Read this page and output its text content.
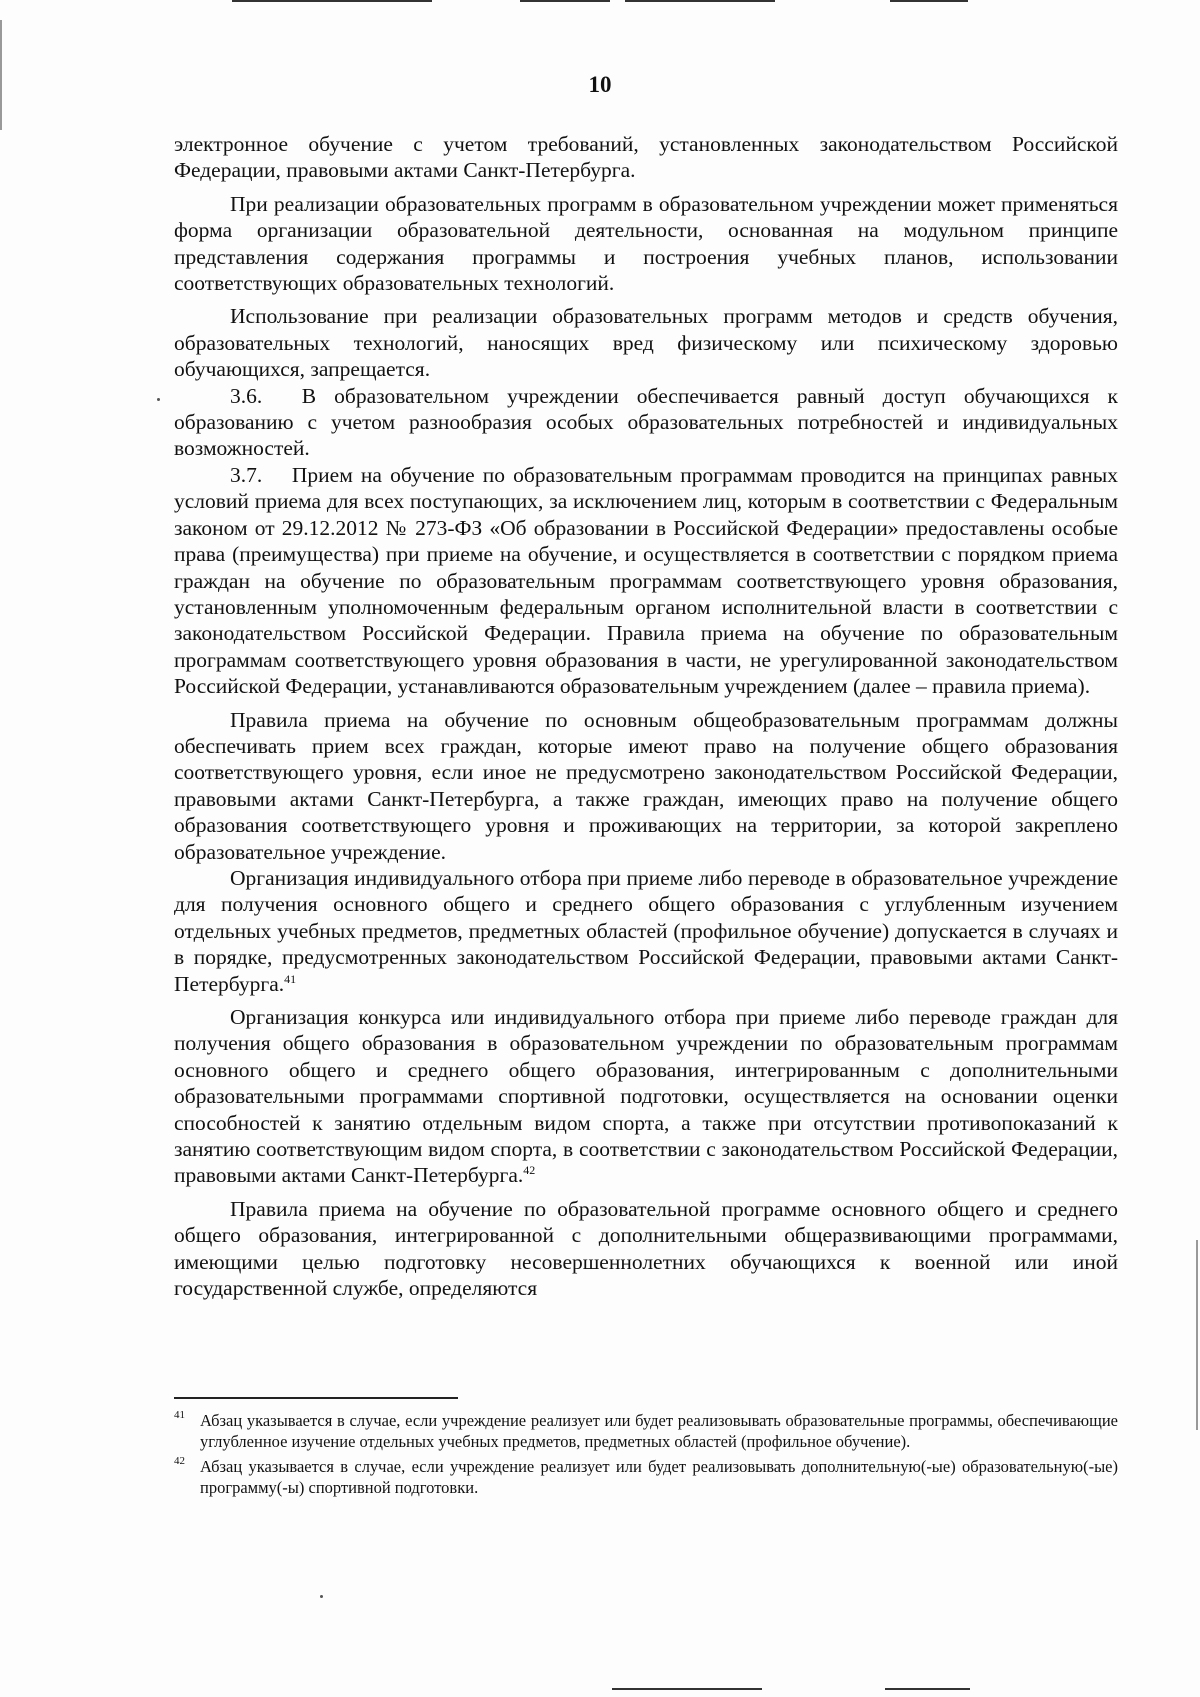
10

электронное обучение с учетом требований, установленных законодательством Российской Федерации, правовыми актами Санкт-Петербурга.

При реализации образовательных программ в образовательном учреждении может применяться форма организации образовательной деятельности, основанная на модульном принципе представления содержания программы и построения учебных планов, использовании соответствующих образовательных технологий.

Использование при реализации образовательных программ методов и средств обучения, образовательных технологий, наносящих вред физическому или психическому здоровью обучающихся, запрещается.

3.6.  В образовательном учреждении обеспечивается равный доступ обучающихся к образованию с учетом разнообразия особых образовательных потребностей и индивидуальных возможностей.

3.7.  Прием на обучение по образовательным программам проводится на принципах равных условий приема для всех поступающих, за исключением лиц, которым в соответствии с Федеральным законом от 29.12.2012 № 273-ФЗ «Об образовании в Российской Федерации» предоставлены особые права (преимущества) при приеме на обучение, и осуществляется в соответствии с порядком приема граждан на обучение по образовательным программам соответствующего уровня образования, установленным уполномоченным федеральным органом исполнительной власти в соответствии с законодательством Российской Федерации. Правила приема на обучение по образовательным программам соответствующего уровня образования в части, не урегулированной законодательством Российской Федерации, устанавливаются образовательным учреждением (далее – правила приема).

Правила приема на обучение по основным общеобразовательным программам должны обеспечивать прием всех граждан, которые имеют право на получение общего образования соответствующего уровня, если иное не предусмотрено законодательством Российской Федерации, правовыми актами Санкт-Петербурга, а также граждан, имеющих право на получение общего образования соответствующего уровня и проживающих на территории, за которой закреплено образовательное учреждение.

Организация индивидуального отбора при приеме либо переводе в образовательное учреждение для получения основного общего и среднего общего образования с углубленным изучением отдельных учебных предметов, предметных областей (профильное обучение) допускается в случаях и в порядке, предусмотренных законодательством Российской Федерации, правовыми актами Санкт-Петербурга.$^{41}$

Организация конкурса или индивидуального отбора при приеме либо переводе граждан для получения общего образования в образовательном учреждении по образовательным программам основного общего и среднего общего образования, интегрированным с дополнительными образовательными программами спортивной подготовки, осуществляется на основании оценки способностей к занятию отдельным видом спорта, а также при отсутствии противопоказаний к занятию соответствующим видом спорта, в соответствии с законодательством Российской Федерации, правовыми актами Санкт-Петербурга.$^{42}$

Правила приема на обучение по образовательной программе основного общего и среднего общего образования, интегрированной с дополнительными общеразвивающими программами, имеющими целью подготовку несовершеннолетних обучающихся к военной или иной государственной службе, определяются

41 Абзац указывается в случае, если учреждение реализует или будет реализовывать образовательные программы, обеспечивающие углубленное изучение отдельных учебных предметов, предметных областей (профильное обучение).
42 Абзац указывается в случае, если учреждение реализует или будет реализовывать дополнительную(-ые) образовательную(-ые) программу(-ы) спортивной подготовки.
